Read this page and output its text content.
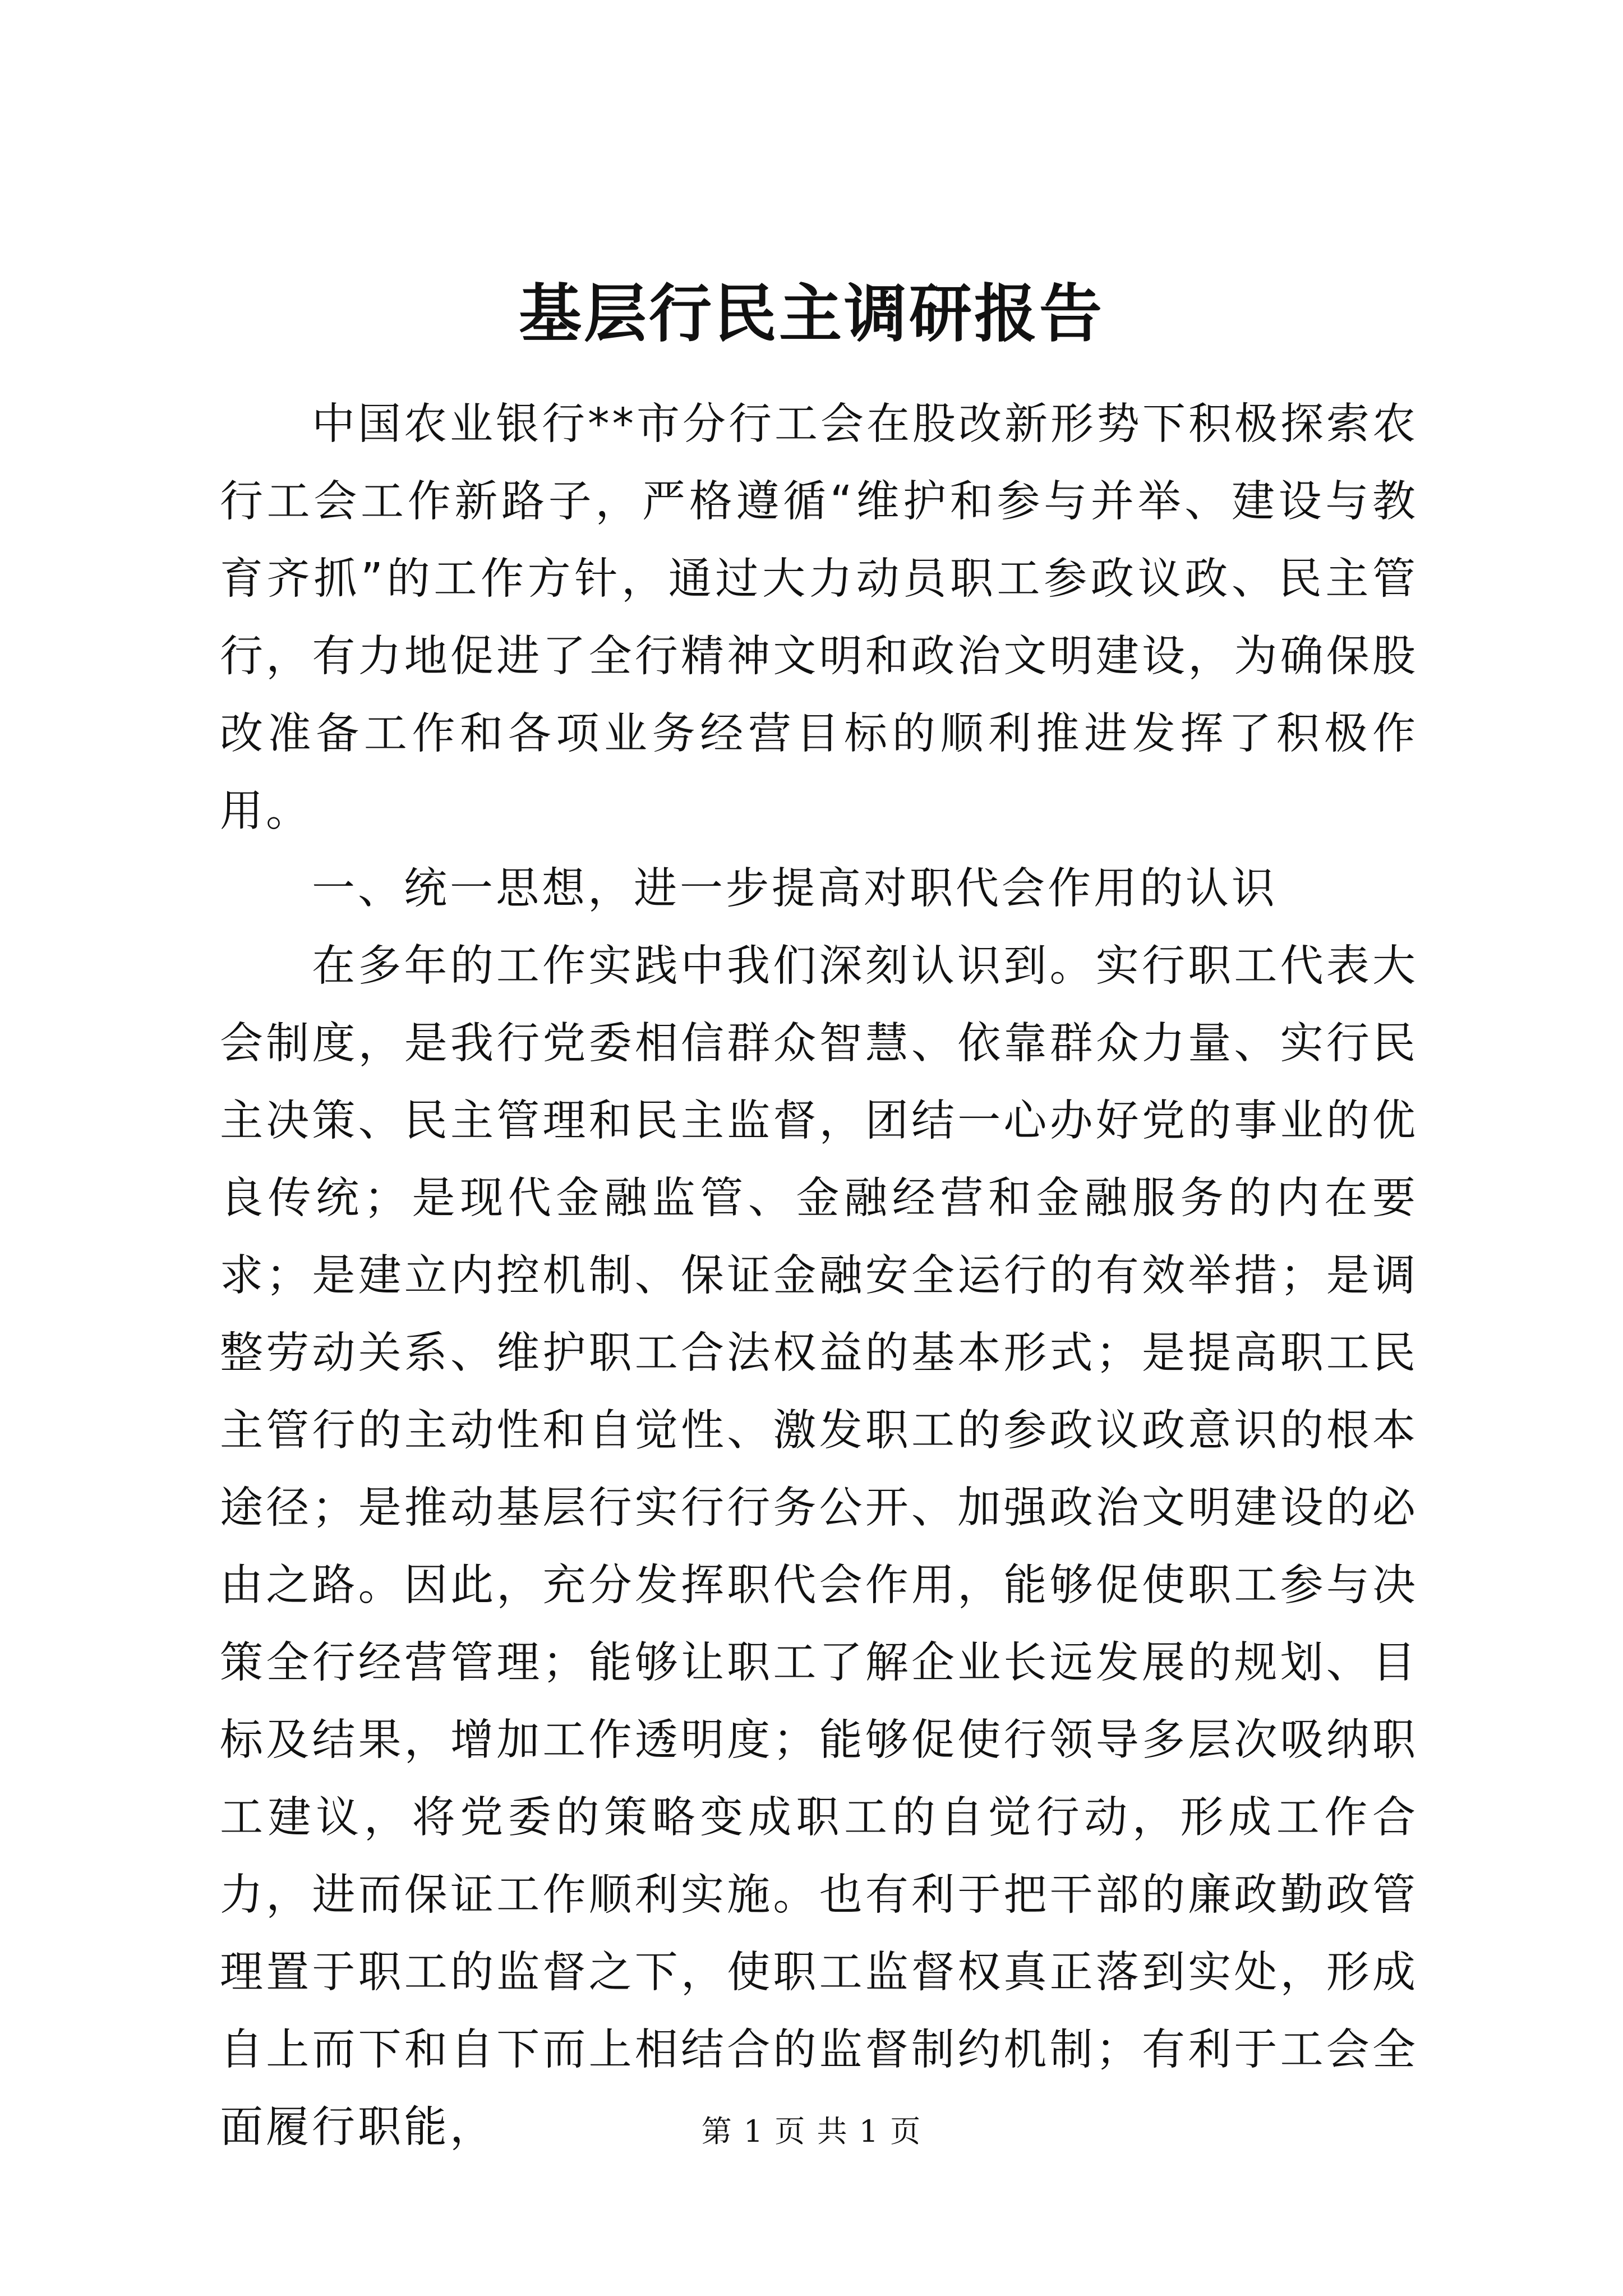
基层行民主调研报告

中国农业银行**市分行工会在股改新形势下积极探索农行工会工作新路子，严格遵循“维护和参与并举、建设与教育齐抓”的工作方针，通过大力动员职工参政议政、民主管行，有力地促进了全行精神文明和政治文明建设，为确保股改准备工作和各项业务经营目标的顺利推进发挥了积极作用。

一、统一思想，进一步提高对职代会作用的认识

在多年的工作实践中我们深刻认识到。实行职工代表大会制度，是我行党委相信群众智慧、依靠群众力量、实行民主决策、民主管理和民主监督，团结一心办好党的事业的优良传统；是现代金融监管、金融经营和金融服务的内在要求；是建立内控机制、保证金融安全运行的有效举措；是调整劳动关系、维护职工合法权益的基本形式；是提高职工民主管行的主动性和自觉性、激发职工的参政议政意识的根本途径；是推动基层行实行行务公开、加强政治文明建设的必由之路。因此，充分发挥职代会作用，能够促使职工参与决策全行经营管理；能够让职工了解企业长远发展的规划、目标及结果，增加工作透明度；能够促使行领导多层次吸纳职工建议，将党委的策略变成职工的自觉行动，形成工作合力，进而保证工作顺利实施。也有利于把干部的廉政勤政管理置于职工的监督之下，使职工监督权真正落到实处，形成自上而下和自下而上相结合的监督制约机制；有利于工会全面履行职能，	第 1 页 共 1 页
